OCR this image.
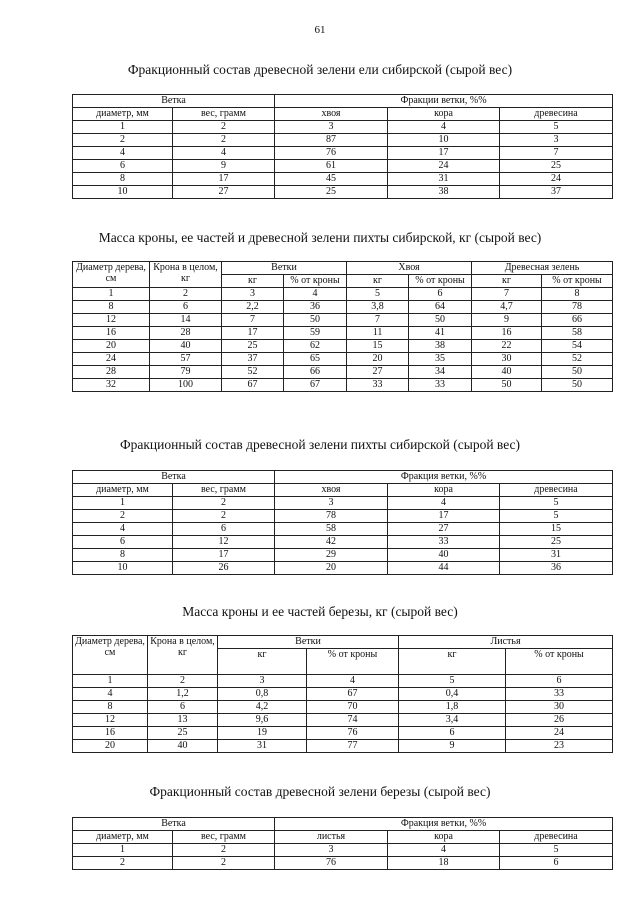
61
Фракционный состав древесной зелени ели сибирской (сырой вес)
Ветка		Фракции ветки, %%		
диаметр, мм	вес, грамм	хвоя	кора	древесина
1	2	3	4	5
2	2	87	10	3
4	4	76	17	7
6	9	61	24	25
8	17	45	31	24
10	27	25	38	37
Масса кроны, ее частей и древесной зелени пихты сибирской, кг (сырой вес)
Диаметр дерева, см	Крона в целом, кг	Ветки		Хвоя		Древесная зелень	
		кг	% от кроны	кг	% от кроны	кг	% от кроны
1	2	3	4	5	6	7	8
8	6	2,2	36	3,8	64	4,7	78
12	14	7	50	7	50	9	66
16	28	17	59	11	41	16	58
20	40	25	62	15	38	22	54
24	57	37	65	20	35	30	52
28	79	52	66	27	34	40	50
32	100	67	67	33	33	50	50
Фракционный состав древесной зелени пихты сибирской (сырой вес)
Ветка		Фракция ветки, %%		
диаметр, мм	вес, грамм	хвоя	кора	древесина
1	2	3	4	5
2	2	78	17	5
4	6	58	27	15
6	12	42	33	25
8	17	29	40	31
10	26	20	44	36
Масса кроны и ее частей березы, кг (сырой вес)
Диаметр дерева, см	Крона в целом, кг	Ветки		Листья	
		кг	% от кроны	кг	% от кроны
1	2	3	4	5	6
4	1,2	0,8	67	0,4	33
8	6	4,2	70	1,8	30
12	13	9,6	74	3,4	26
16	25	19	76	6	24
20	40	31	77	9	23
Фракционный состав древесной зелени березы (сырой вес)
Ветка		Фракция ветки, %%		
диаметр, мм	вес, грамм	листья	кора	древесина
1	2	3	4	5
2	2	76	18	6
